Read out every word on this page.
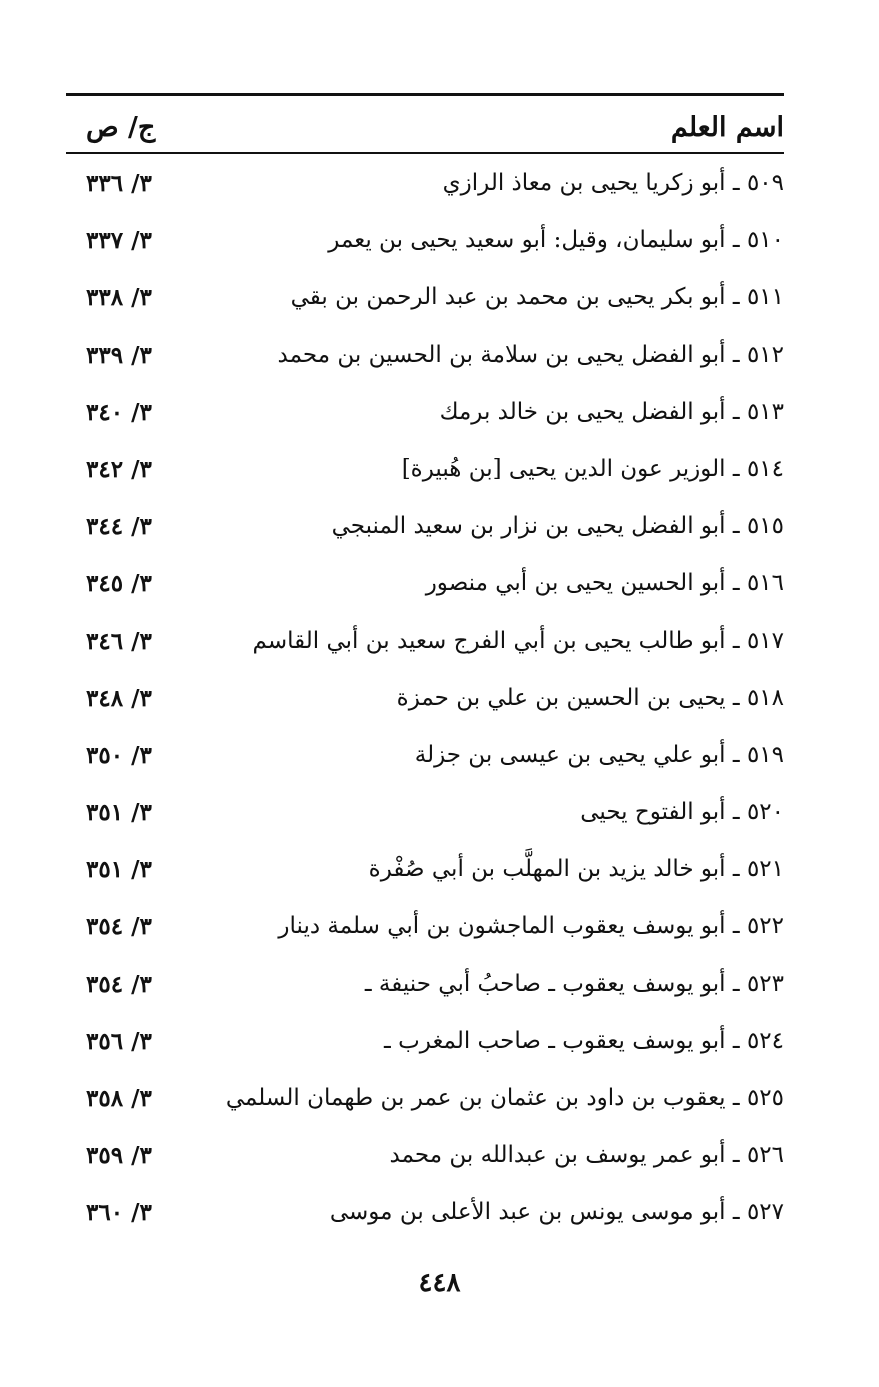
اسم العلم
ج/ ص
٥٠٩ ـ أبو زكريا يحيى بن معاذ الرازي
٣/ ٣٣٦
٥١٠ ـ أبو سليمان، وقيل: أبو سعيد يحيى بن يعمر
٣/ ٣٣٧
٥١١ ـ أبو بكر يحيى بن محمد بن عبد الرحمن بن بقي
٣/ ٣٣٨
٥١٢ ـ أبو الفضل يحيى بن سلامة بن الحسين بن محمد
٣/ ٣٣٩
٥١٣ ـ أبو الفضل يحيى بن خالد برمك
٣/ ٣٤٠
٥١٤ ـ الوزير عون الدين يحيى [بن هُبيرة]
٣/ ٣٤٢
٥١٥ ـ أبو الفضل يحيى بن نزار بن سعيد المنبجي
٣/ ٣٤٤
٥١٦ ـ أبو الحسين يحيى بن أبي منصور
٣/ ٣٤٥
٥١٧ ـ أبو طالب يحيى بن أبي الفرج سعيد بن أبي القاسم
٣/ ٣٤٦
٥١٨ ـ يحيى بن الحسين بن علي بن حمزة
٣/ ٣٤٨
٥١٩ ـ أبو علي يحيى بن عيسى بن جزلة
٣/ ٣٥٠
٥٢٠ ـ أبو الفتوح يحيى
٣/ ٣٥١
٥٢١ ـ أبو خالد يزيد بن المهلَّب بن أبي صُفْرة
٣/ ٣٥١
٥٢٢ ـ أبو يوسف يعقوب الماجشون بن أبي سلمة دينار
٣/ ٣٥٤
٥٢٣ ـ أبو يوسف يعقوب ـ صاحبُ أبي حنيفة ـ
٣/ ٣٥٤
٥٢٤ ـ أبو يوسف يعقوب ـ صاحب المغرب ـ
٣/ ٣٥٦
٥٢٥ ـ يعقوب بن داود بن عثمان بن عمر بن طهمان السلمي
٣/ ٣٥٨
٥٢٦ ـ أبو عمر يوسف بن عبدالله بن محمد
٣/ ٣٥٩
٥٢٧ ـ أبو موسى يونس بن عبد الأعلى بن موسى
٣/ ٣٦٠
٤٤٨
